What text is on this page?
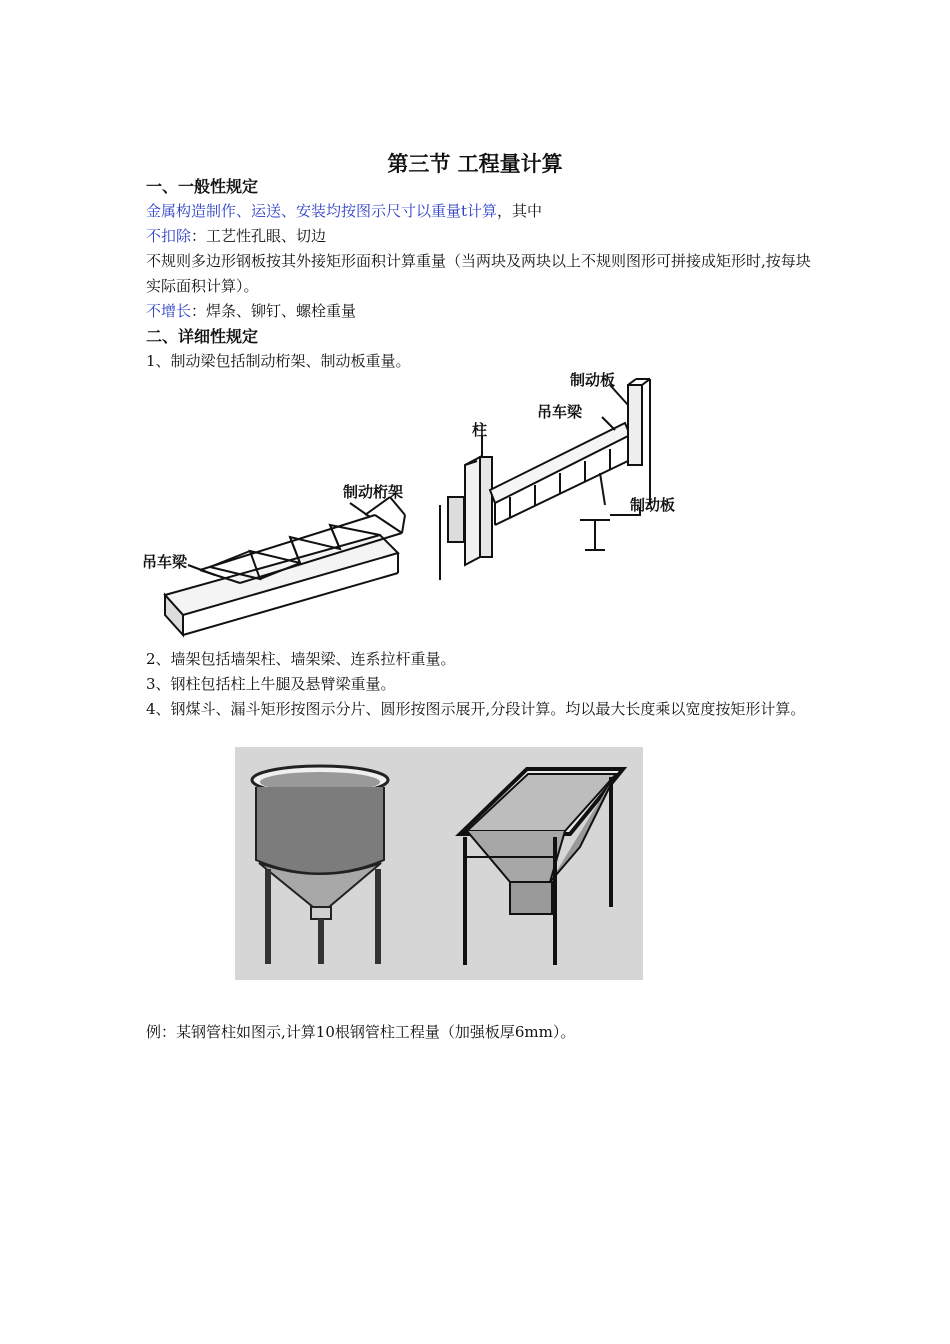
第三节 工程量计算
一、一般性规定
金属构造制作、运送、安装均按图示尺寸以重量t计算，其中
不扣除：工艺性孔眼、切边
不规则多边形钢板按其外接矩形面积计算重量（当两块及两块以上不规则图形可拼接成矩形时,按每块实际面积计算）。
不增长：焊条、铆钉、螺栓重量
二、详细性规定
1、制动梁包括制动桁架、制动板重量。
制动桁架
吊车梁
柱
吊车梁
制动板
制动板
2、墙架包括墙架柱、墙架梁、连系拉杆重量。
3、钢柱包括柱上牛腿及悬臂梁重量。
4、钢煤斗、漏斗矩形按图示分片、圆形按图示展开,分段计算。均以最大长度乘以宽度按矩形计算。
例：某钢管柱如图示,计算10根钢管柱工程量（加强板厚6mm）。
